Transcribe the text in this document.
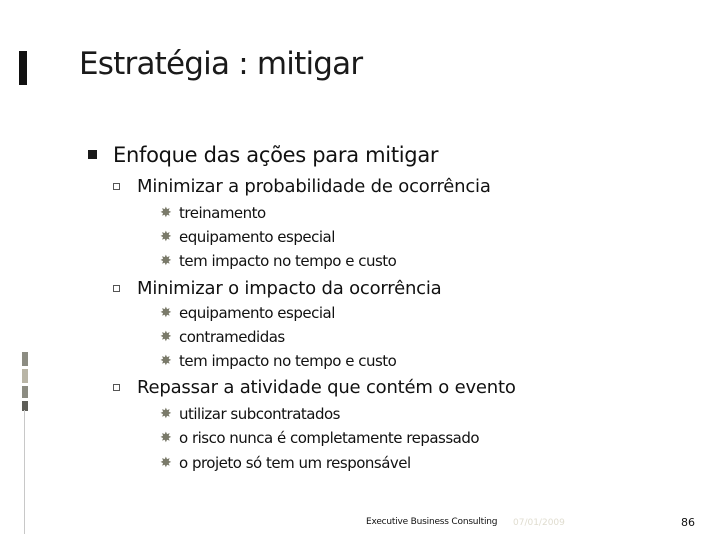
Estratégia : mitigar
Enfoque das ações para mitigar
Minimizar a probabilidade de ocorrência
✸ treinamento
✸ equipamento especial
✸ tem impacto no tempo e custo
Minimizar o impacto da ocorrência
✸ equipamento especial
✸ contramedidas
✸ tem impacto no tempo e custo
Repassar a atividade que contém o evento
✸ utilizar subcontratados
✸ o risco nunca é completamente repassado
✸ o projeto só tem um responsável
Executive Business Consulting 07/01/2009	86
